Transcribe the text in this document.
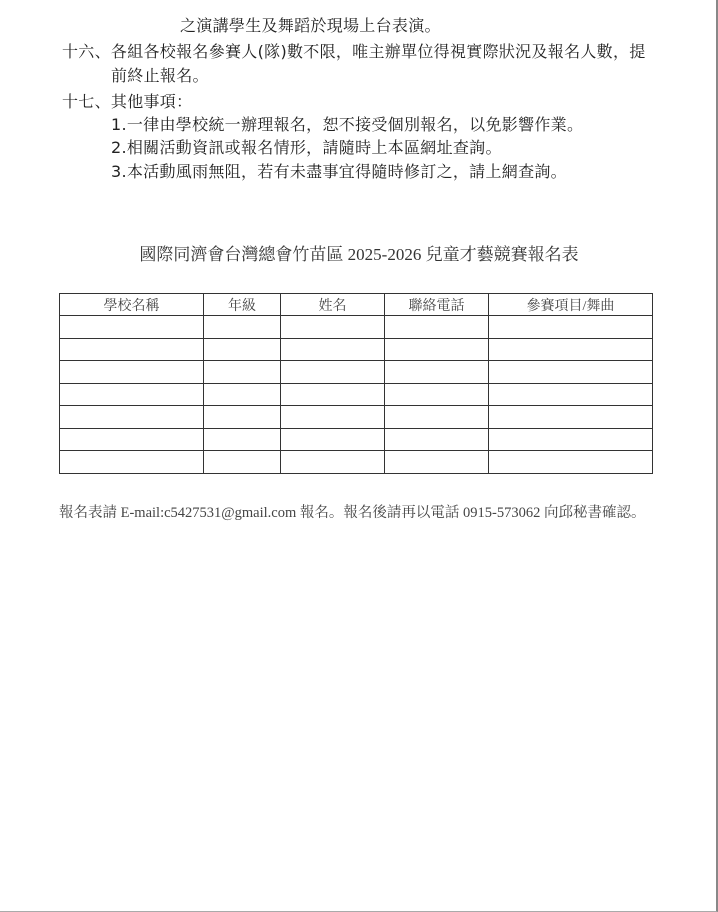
之演講學生及舞蹈於現場上台表演。
十六、各組各校報名參賽人(隊)數不限，唯主辦單位得視實際狀況及報名人數，提
前終止報名。
十七、其他事項：
1.一律由學校統一辦理報名，恕不接受個別報名，以免影響作業。
2.相關活動資訊或報名情形，請隨時上本區網址查詢。
3.本活動風雨無阻，若有未盡事宜得隨時修訂之，請上網查詢。
國際同濟會台灣總會竹苗區 2025-2026 兒童才藝競賽報名表
學校名稱	年級	姓名	聯絡電話	參賽項目/舞曲

報名表請 E-mail:c5427531@gmail.com 報名。報名後請再以電話 0915-573062 向邱秘書確認。
